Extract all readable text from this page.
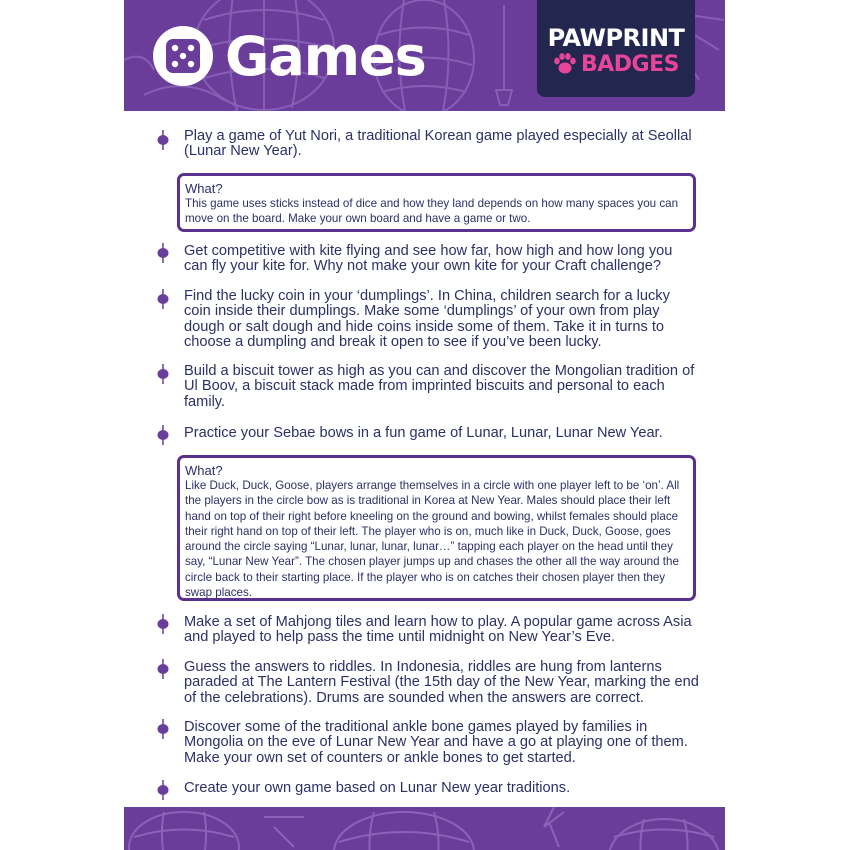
Games	PAWPRINT
BADGES
Play a game of Yut Nori, a traditional Korean game played especially at Seollal (Lunar New Year).
What?
This game uses sticks instead of dice and how they land depends on how many spaces you can move on the board. Make your own board and have a game or two.
Get competitive with kite flying and see how far, how high and how long you can fly your kite for. Why not make your own kite for your Craft challenge?
Find the lucky coin in your ‘dumplings’. In China, children search for a lucky coin inside their dumplings. Make some ‘dumplings’ of your own from play dough or salt dough and hide coins inside some of them. Take it in turns to choose a dumpling and break it open to see if you’ve been lucky.
Build a biscuit tower as high as you can and discover the Mongolian tradition of Ul Boov, a biscuit stack made from imprinted biscuits and personal to each family.
Practice your Sebae bows in a fun game of Lunar, Lunar, Lunar New Year.
What?
Like Duck, Duck, Goose, players arrange themselves in a circle with one player left to be ‘on’. All the players in the circle bow as is traditional in Korea at New Year. Males should place their left hand on top of their right before kneeling on the ground and bowing, whilst females should place their right hand on top of their left. The player who is on, much like in Duck, Duck, Goose, goes around the circle saying “Lunar, lunar, lunar, lunar…” tapping each player on the head until they say, “Lunar New Year”. The chosen player jumps up and chases the other all the way around the circle back to their starting place. If the player who is on catches their chosen player then they swap places.
Make a set of Mahjong tiles and learn how to play. A popular game across Asia and played to help pass the time until midnight on New Year’s Eve.
Guess the answers to riddles. In Indonesia, riddles are hung from lanterns paraded at The Lantern Festival (the 15th day of the New Year, marking the end of the celebrations). Drums are sounded when the answers are correct.
Discover some of the traditional ankle bone games played by families in Mongolia on the eve of Lunar New Year and have a go at playing one of them. Make your own set of counters or ankle bones to get started.
Create your own game based on Lunar New year traditions.
